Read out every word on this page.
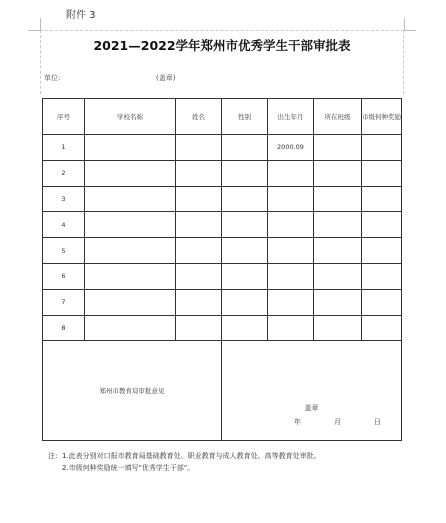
附件 3
2021—2022学年郑州市优秀学生干部审批表
单位:	(盖章)
序号	学校名称	姓名	性别	出生年月	所在班级	市级何种奖励
1				2000.09		
2						
3						
4						
5						
6						
7						
8						
郑州市教育局审批意见			盖章
年 月 日			
注: 1.此表分别对口报市教育局基础教育处、职业教育与成人教育处、高等教育处审批。
2.市级何种奖励统一填写"优秀学生干部"。
